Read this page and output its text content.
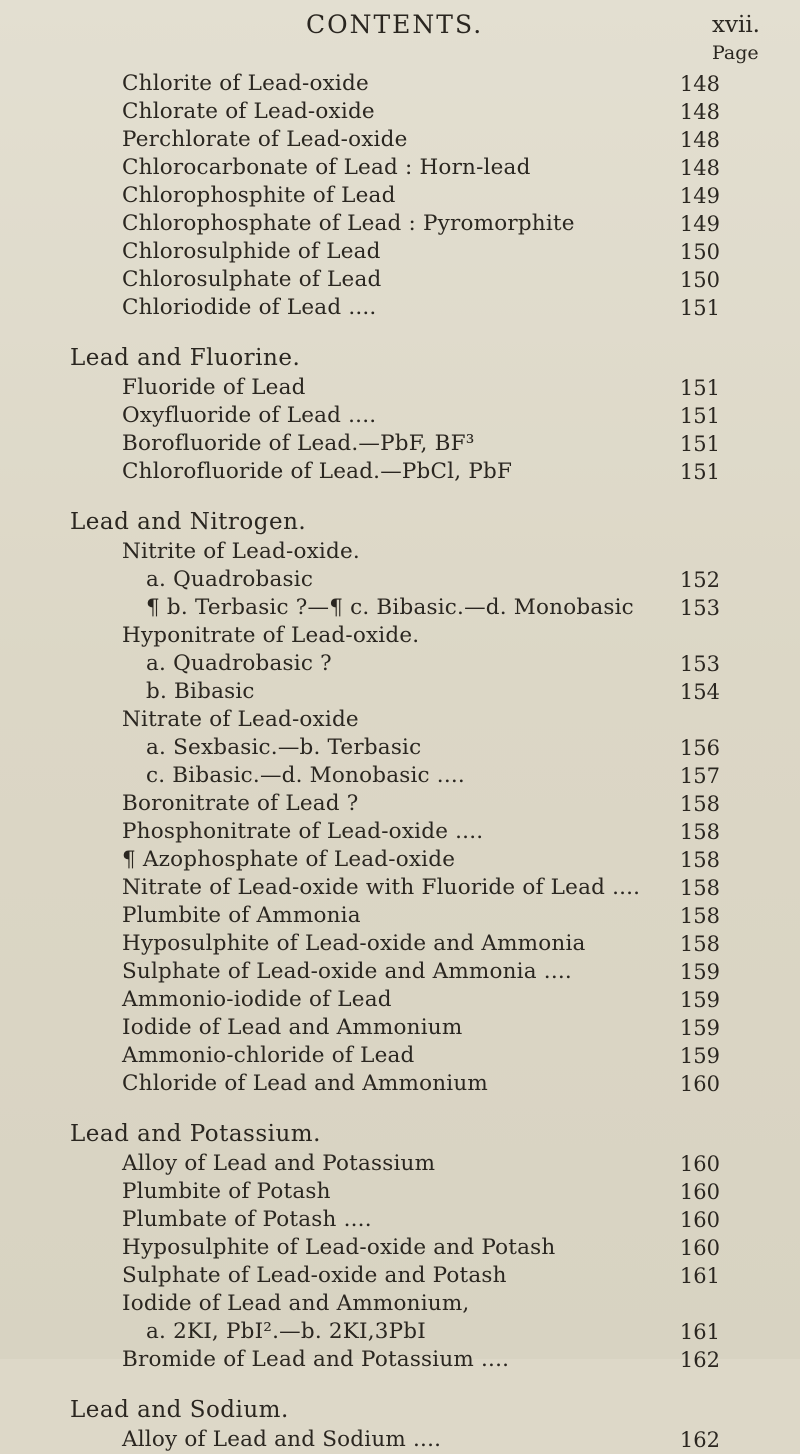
CONTENTS.	xvii.
Page
Chlorite of Lead-oxide	148
Chlorate of Lead-oxide	148
Perchlorate of Lead-oxide	148
Chlorocarbonate of Lead : Horn-lead	148
Chlorophosphite of Lead	149
Chlorophosphate of Lead : Pyromorphite	149
Chlorosulphide of Lead	150
Chlorosulphate of Lead	150
Chloriodide of Lead ....	151
Lead and Fluorine.
Fluoride of Lead	151
Oxyfluoride of Lead ....	151
Borofluoride of Lead.—PbF, BF³	151
Chlorofluoride of Lead.—PbCl, PbF	151
Lead and Nitrogen.
Nitrite of Lead-oxide.
a. Quadrobasic	152
¶ b. Terbasic ?—¶ c. Bibasic.—d. Monobasic 153
Hyponitrate of Lead-oxide.
a. Quadrobasic ?	153
b. Bibasic	154
Nitrate of Lead-oxide
a. Sexbasic.—b. Terbasic	156
c. Bibasic.—d. Monobasic ....	157
Boronitrate of Lead ?	158
Phosphonitrate of Lead-oxide ....	158
¶ Azophosphate of Lead-oxide	158
Nitrate of Lead-oxide with Fluoride of Lead .... 158
Plumbite of Ammonia	158
Hyposulphite of Lead-oxide and Ammonia	158
Sulphate of Lead-oxide and Ammonia ....	159
Ammonio-iodide of Lead	159
Iodide of Lead and Ammonium	159
Ammonio-chloride of Lead	159
Chloride of Lead and Ammonium	160
Lead and Potassium.
Alloy of Lead and Potassium	160
Plumbite of Potash	160
Plumbate of Potash ....	160
Hyposulphite of Lead-oxide and Potash	160
Sulphate of Lead-oxide and Potash	161
Iodide of Lead and Ammonium,
a. 2KI, PbI².—b. 2KI,3PbI	161
Bromide of Lead and Potassium ....	162
Lead and Sodium.
Alloy of Lead and Sodium ....	162
